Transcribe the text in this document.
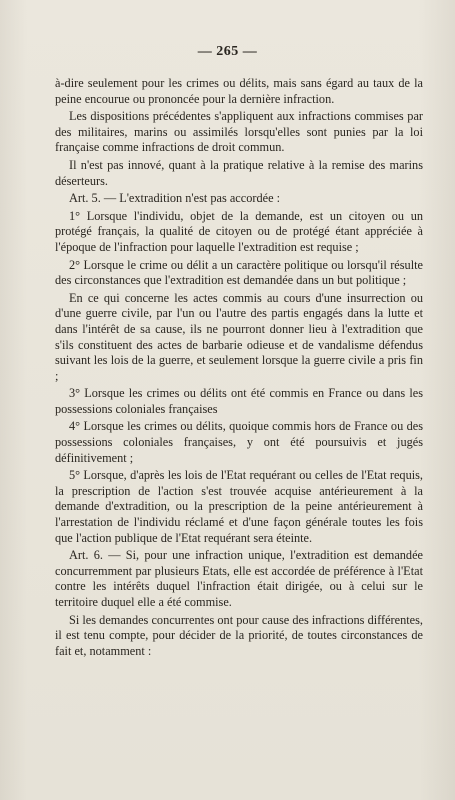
— 265 —

à-dire seulement pour les crimes ou délits, mais sans égard au taux de la peine encourue ou prononcée pour la dernière infraction.

Les dispositions précédentes s'appliquent aux infractions commises par des militaires, marins ou assimilés lorsqu'elles sont punies par la loi française comme infractions de droit commun.

Il n'est pas innové, quant à la pratique relative à la remise des marins déserteurs.

Art. 5. — L'extradition n'est pas accordée :

1° Lorsque l'individu, objet de la demande, est un citoyen ou un protégé français, la qualité de citoyen ou de protégé étant appréciée à l'époque de l'infraction pour laquelle l'extradition est requise ;

2° Lorsque le crime ou délit a un caractère politique ou lorsqu'il résulte des circonstances que l'extradition est demandée dans un but politique ;

En ce qui concerne les actes commis au cours d'une insurrection ou d'une guerre civile, par l'un ou l'autre des partis engagés dans la lutte et dans l'intérêt de sa cause, ils ne pourront donner lieu à l'extradition que s'ils constituent des actes de barbarie odieuse et de vandalisme défendus suivant les lois de la guerre, et seulement lorsque la guerre civile a pris fin ;

3° Lorsque les crimes ou délits ont été commis en France ou dans les possessions coloniales françaises

4° Lorsque les crimes ou délits, quoique commis hors de France ou des possessions coloniales françaises, y ont été poursuivis et jugés définitivement ;

5° Lorsque, d'après les lois de l'Etat requérant ou celles de l'Etat requis, la prescription de l'action s'est trouvée acquise antérieurement à la demande d'extradition, ou la prescription de la peine antérieurement à l'arrestation de l'individu réclamé et d'une façon générale toutes les fois que l'action publique de l'Etat requérant sera éteinte.

Art. 6. — Si, pour une infraction unique, l'extradition est demandée concurremment par plusieurs Etats, elle est accordée de préférence à l'Etat contre les intérêts duquel l'infraction était dirigée, ou à celui sur le territoire duquel elle a été commise.

Si les demandes concurrentes ont pour cause des infractions différentes, il est tenu compte, pour décider de la priorité, de toutes circonstances de fait et, notamment :
